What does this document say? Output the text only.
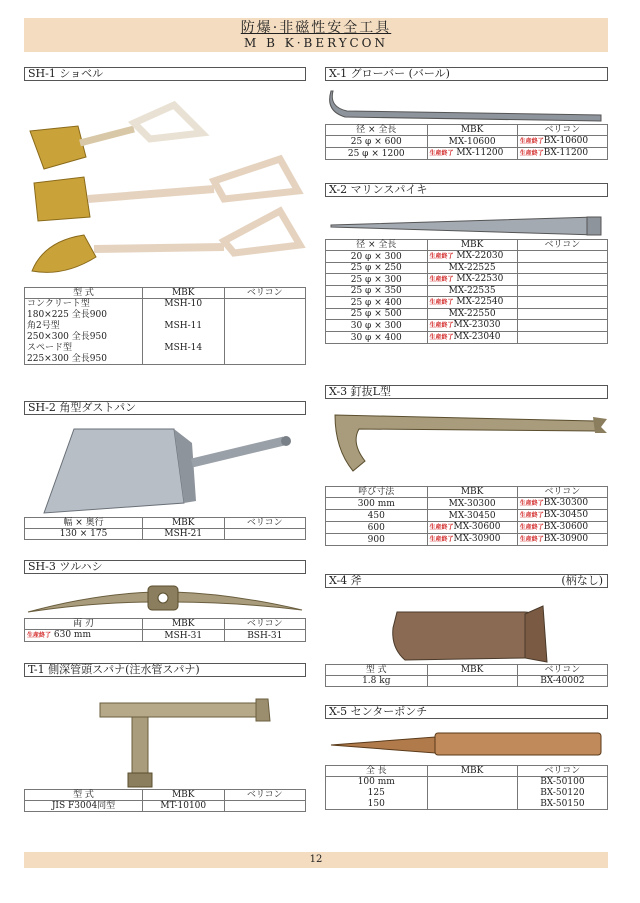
防爆·非磁性安全工具
M B K·BERYCON
SH-1 ショベル
型 式	MBK	ベリコン
コンクリート型	MSH-10	
180×225 全長900		
角2号型	MSH-11	
250×300 全長950		
スペード型	MSH-14	
225×300 全長950		
SH-2 角型ダストパン
幅 × 奥行	MBK	ベリコン
130 × 175	MSH-21	
SH-3 ツルハシ
両 刃	MBK	ベリコン
生産終了 630 mm	MSH-31	BSH-31
T-1 側深管頭スパナ(注水管スパナ)
型 式	MBK	ベリコン
JIS F3004同型	MT-10100	
X-1 グローバー (バール)
径 × 全長	MBK	ベリコン
25 φ × 600	MX-10600	生産終了BX-10600
25 φ × 1200	生産終了 MX-11200	生産終了BX-11200
X-2 マリンスパイキ
径 × 全長	MBK	ベリコン
20 φ × 300	生産終了 MX-22030	
25 φ × 250	MX-22525	
25 φ × 300	生産終了 MX-22530	
25 φ × 350	MX-22535	
25 φ × 400	生産終了 MX-22540	
25 φ × 500	MX-22550	
30 φ × 300	生産終了MX-23030	
30 φ × 400	生産終了MX-23040	
X-3 釘抜L型
呼び寸法	MBK	ベリコン
300 mm	MX-30300	生産終了BX-30300
450	MX-30450	生産終了BX-30450
600	生産終了MX-30600	生産終了BX-30600
900	生産終了MX-30900	生産終了BX-30900
X-4 斧	(柄なし)
型 式	MBK	ベリコン
1.8 kg		BX-40002
X-5 センターポンチ
全 長	MBK	ベリコン
100 mm		BX-50100
125		BX-50120
150		BX-50150
12
